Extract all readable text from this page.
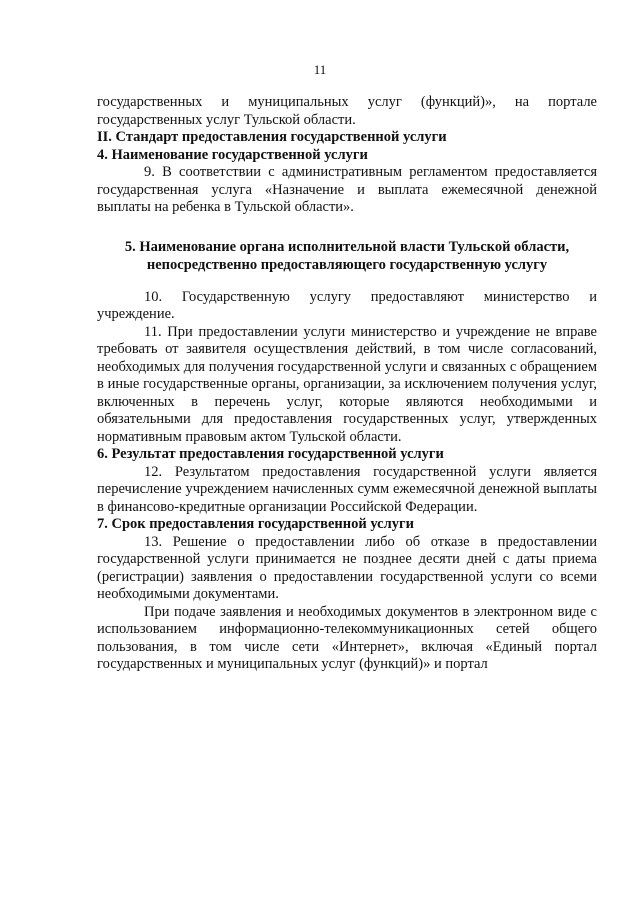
11

государственных и муниципальных услуг (функций)», на портале государственных услуг Тульской области.

II. Стандарт предоставления государственной услуги

4. Наименование государственной услуги

9. В соответствии с административным регламентом предоставляется государственная услуга «Назначение и выплата ежемесячной денежной выплаты на ребенка в Тульской области».

5. Наименование органа исполнительной власти Тульской области,
непосредственно предоставляющего государственную услугу

10. Государственную услугу предоставляют министерство и учреждение.

11. При предоставлении услуги министерство и учреждение не вправе требовать от заявителя осуществления действий, в том числе согласований, необходимых для получения государственной услуги и связанных с обращением в иные государственные органы, организации, за исключением получения услуг, включенных в перечень услуг, которые являются необходимыми и обязательными для предоставления государственных услуг, утвержденных нормативным правовым актом Тульской области.

6. Результат предоставления государственной услуги

12. Результатом предоставления государственной услуги является перечисление учреждением начисленных сумм ежемесячной денежной выплаты в финансово-кредитные организации Российской Федерации.

7. Срок предоставления государственной услуги

13. Решение о предоставлении либо об отказе в предоставлении государственной услуги принимается не позднее десяти дней с даты приема (регистрации) заявления о предоставлении государственной услуги со всеми необходимыми документами.

При подаче заявления и необходимых документов в электронном виде с использованием информационно-телекоммуникационных сетей общего пользования, в том числе сети «Интернет», включая «Единый портал государственных и муниципальных услуг (функций)» и портал
